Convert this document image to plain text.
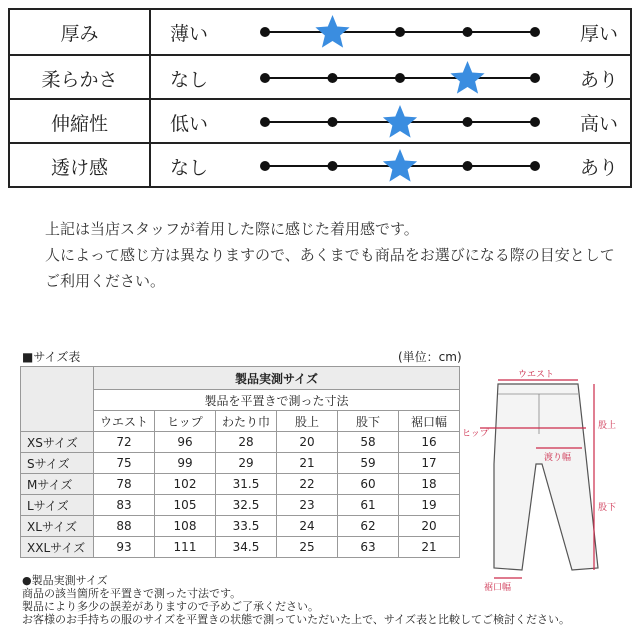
厚み	薄い	厚い
柔らかさ	なし	あり
伸縮性	低い	高い
透け感	なし	あり
上記は当店スタッフが着用した際に感じた着用感です。
人によって感じ方は異なりますので、あくまでも商品をお選びになる際の目安として
ご利用ください。
■サイズ表	(単位：cm)
	製品実測サイズ					
	製品を平置きで測った寸法					
	ウエスト	ヒップ	わたり巾	股上	股下	裾口幅
XSサイズ	72	96	28	20	58	16
Sサイズ	75	99	29	21	59	17
Mサイズ	78	102	31.5	22	60	18
Lサイズ	83	105	32.5	23	61	19
XLサイズ	88	108	33.5	24	62	20
XXLサイズ	93	111	34.5	25	63	21
ウエスト
ヒップ
渡り幅
股上
股下
裾口幅
●製品実測サイズ
商品の該当箇所を平置きで測った寸法です。
製品により多少の誤差がありますので予めご了承ください。
お客様のお手持ちの服のサイズを平置きの状態で測っていただいた上で、サイズ表と比較してご検討ください。
